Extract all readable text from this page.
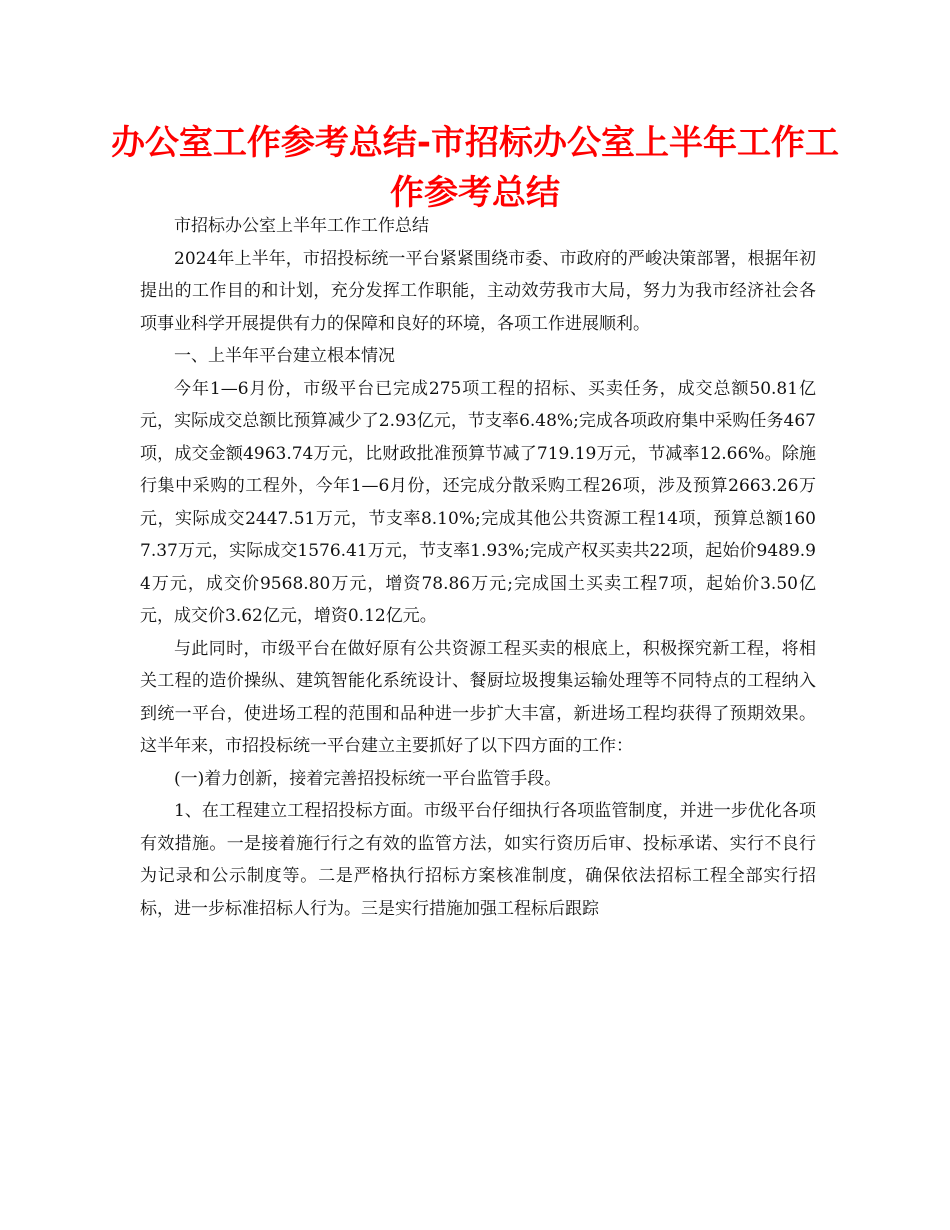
办公室工作参考总结-市招标办公室上半年工作工作参考总结

市招标办公室上半年工作工作总结

2024年上半年，市招投标统一平台紧紧围绕市委、市政府的严峻决策部署，根据年初提出的工作目的和计划，充分发挥工作职能，主动效劳我市大局，努力为我市经济社会各项事业科学开展提供有力的保障和良好的环境，各项工作进展顺利。

一、上半年平台建立根本情况

今年1—6月份，市级平台已完成275项工程的招标、买卖任务，成交总额50.81亿元，实际成交总额比预算减少了2.93亿元，节支率6.48%;完成各项政府集中采购任务467项，成交金额4963.74万元，比财政批准预算节减了719.19万元，节减率12.66%。除施行集中采购的工程外，今年1—6月份，还完成分散采购工程26项，涉及预算2663.26万元，实际成交2447.51万元，节支率8.10%;完成其他公共资源工程14项，预算总额1607.37万元，实际成交1576.41万元，节支率1.93%;完成产权买卖共22项，起始价9489.94万元，成交价9568.80万元，增资78.86万元;完成国土买卖工程7项，起始价3.50亿元，成交价3.62亿元，增资0.12亿元。

与此同时，市级平台在做好原有公共资源工程买卖的根底上，积极探究新工程，将相关工程的造价操纵、建筑智能化系统设计、餐厨垃圾搜集运输处理等不同特点的工程纳入到统一平台，使进场工程的范围和品种进一步扩大丰富，新进场工程均获得了预期效果。这半年来，市招投标统一平台建立主要抓好了以下四方面的工作：

(一)着力创新，接着完善招投标统一平台监管手段。

1、在工程建立工程招投标方面。市级平台仔细执行各项监管制度，并进一步优化各项有效措施。一是接着施行行之有效的监管方法，如实行资历后审、投标承诺、实行不良行为记录和公示制度等。二是严格执行招标方案核准制度，确保依法招标工程全部实行招标，进一步标准招标人行为。三是实行措施加强工程标后跟踪
